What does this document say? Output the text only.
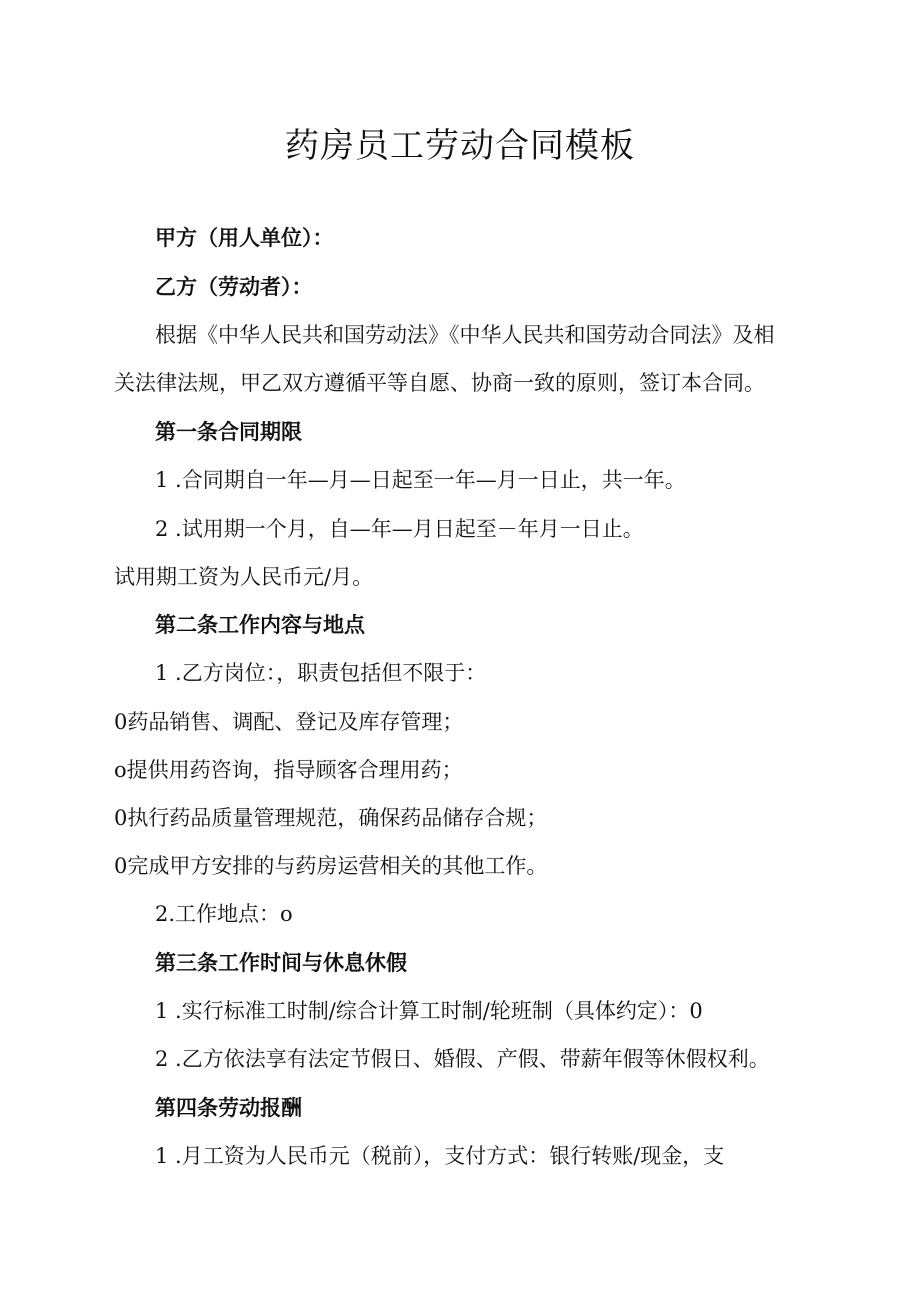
药房员工劳动合同模板
甲方（用人单位）：
乙方（劳动者）：
根据《中华人民共和国劳动法》《中华人民共和国劳动合同法》及相
关法律法规，甲乙双方遵循平等自愿、协商一致的原则，签订本合同。
第一条合同期限
1 .合同期自一年—月—日起至一年—月一日止，共一年。
2 .试用期一个月，自—年—月日起至－年月一日止。
试用期工资为人民币元/月。
第二条工作内容与地点
1 .乙方岗位：，职责包括但不限于：
0药品销售、调配、登记及库存管理；
o提供用药咨询，指导顾客合理用药；
0执行药品质量管理规范，确保药品储存合规；
0完成甲方安排的与药房运营相关的其他工作。
2.工作地点：o
第三条工作时间与休息休假
1 .实行标准工时制/综合计算工时制/轮班制（具体约定）：0
2 .乙方依法享有法定节假日、婚假、产假、带薪年假等休假权利。
第四条劳动报酬
1 .月工资为人民币元（税前），支付方式：银行转账/现金，支
